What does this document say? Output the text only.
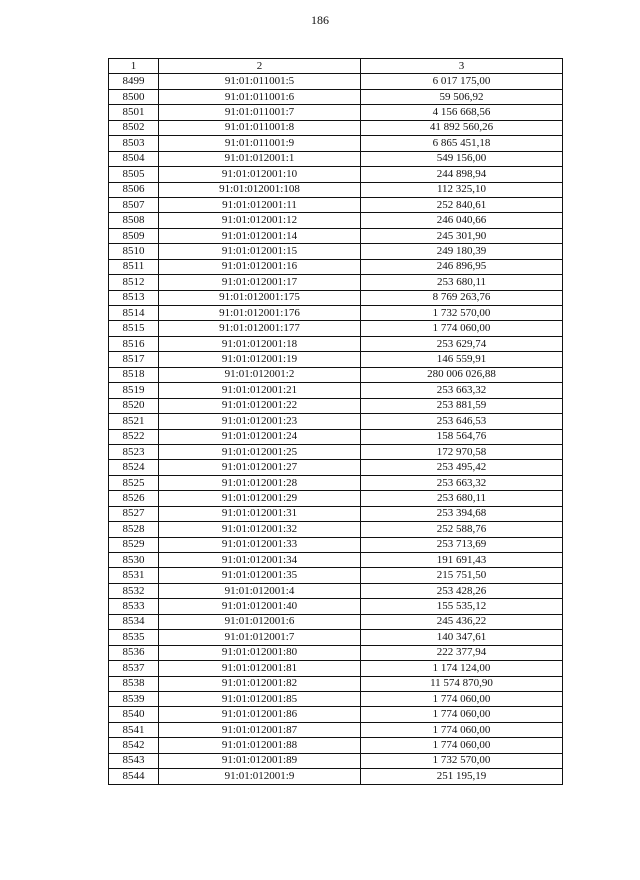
186
1	2	3
8499	91:01:011001:5	6 017 175,00
8500	91:01:011001:6	59 506,92
8501	91:01:011001:7	4 156 668,56
8502	91:01:011001:8	41 892 560,26
8503	91:01:011001:9	6 865 451,18
8504	91:01:012001:1	549 156,00
8505	91:01:012001:10	244 898,94
8506	91:01:012001:108	112 325,10
8507	91:01:012001:11	252 840,61
8508	91:01:012001:12	246 040,66
8509	91:01:012001:14	245 301,90
8510	91:01:012001:15	249 180,39
8511	91:01:012001:16	246 896,95
8512	91:01:012001:17	253 680,11
8513	91:01:012001:175	8 769 263,76
8514	91:01:012001:176	1 732 570,00
8515	91:01:012001:177	1 774 060,00
8516	91:01:012001:18	253 629,74
8517	91:01:012001:19	146 559,91
8518	91:01:012001:2	280 006 026,88
8519	91:01:012001:21	253 663,32
8520	91:01:012001:22	253 881,59
8521	91:01:012001:23	253 646,53
8522	91:01:012001:24	158 564,76
8523	91:01:012001:25	172 970,58
8524	91:01:012001:27	253 495,42
8525	91:01:012001:28	253 663,32
8526	91:01:012001:29	253 680,11
8527	91:01:012001:31	253 394,68
8528	91:01:012001:32	252 588,76
8529	91:01:012001:33	253 713,69
8530	91:01:012001:34	191 691,43
8531	91:01:012001:35	215 751,50
8532	91:01:012001:4	253 428,26
8533	91:01:012001:40	155 535,12
8534	91:01:012001:6	245 436,22
8535	91:01:012001:7	140 347,61
8536	91:01:012001:80	222 377,94
8537	91:01:012001:81	1 174 124,00
8538	91:01:012001:82	11 574 870,90
8539	91:01:012001:85	1 774 060,00
8540	91:01:012001:86	1 774 060,00
8541	91:01:012001:87	1 774 060,00
8542	91:01:012001:88	1 774 060,00
8543	91:01:012001:89	1 732 570,00
8544	91:01:012001:9	251 195,19
